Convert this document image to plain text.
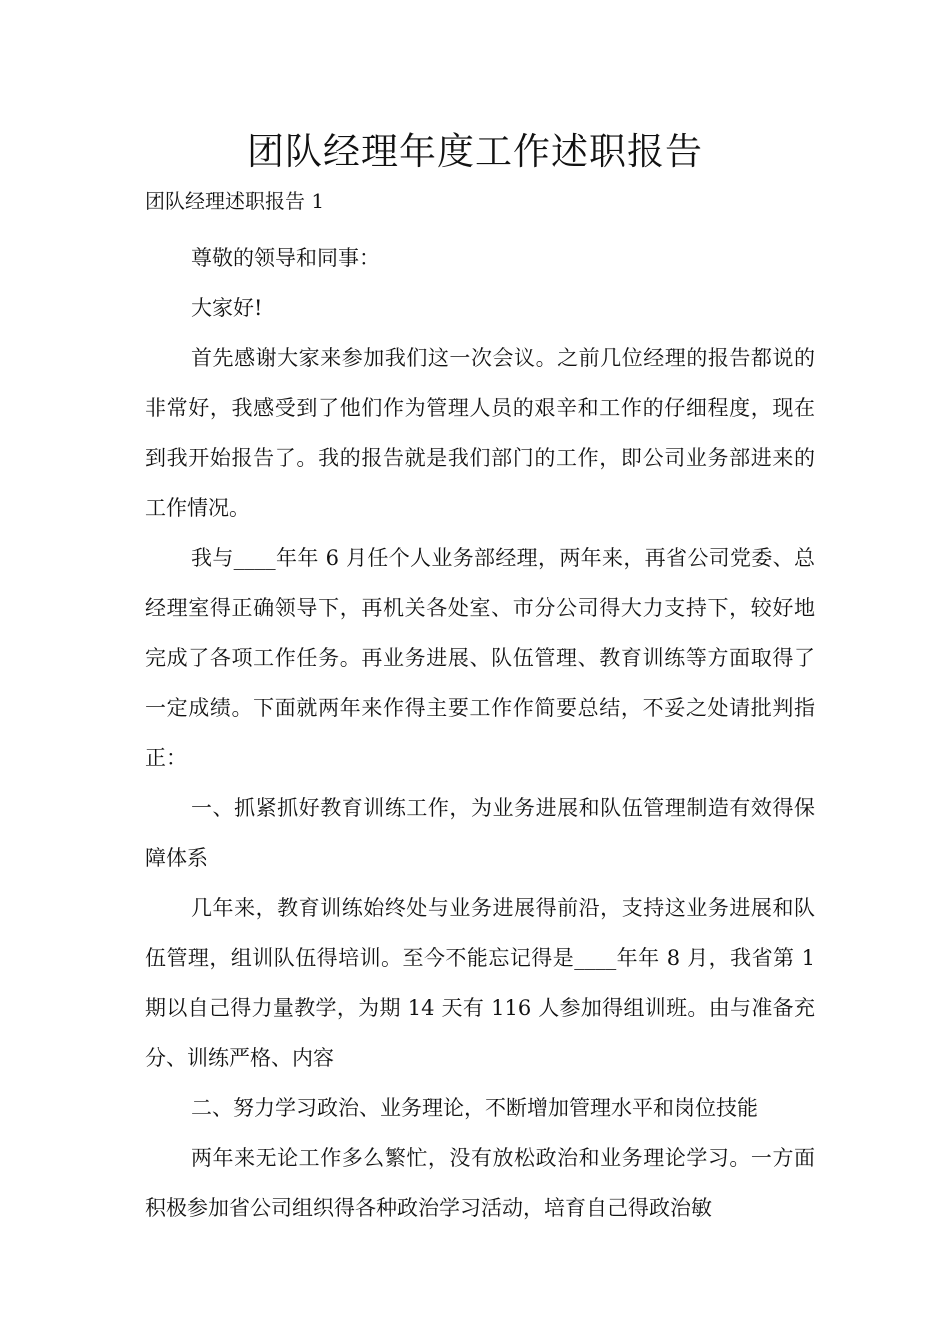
团队经理年度工作述职报告

团队经理述职报告 1

尊敬的领导和同事：

大家好!

首先感谢大家来参加我们这一次会议。之前几位经理的报告都说的非常好，我感受到了他们作为管理人员的艰辛和工作的仔细程度，现在到我开始报告了。我的报告就是我们部门的工作，即公司业务部进来的工作情况。

我与____年年 6 月任个人业务部经理，两年来，再省公司党委、总经理室得正确领导下，再机关各处室、市分公司得大力支持下，较好地完成了各项工作任务。再业务进展、队伍管理、教育训练等方面取得了一定成绩。下面就两年来作得主要工作作简要总结，不妥之处请批判指正：

一、抓紧抓好教育训练工作，为业务进展和队伍管理制造有效得保障体系

几年来，教育训练始终处与业务进展得前沿，支持这业务进展和队伍管理，组训队伍得培训。至今不能忘记得是____年年 8 月，我省第 1 期以自己得力量教学，为期 14 天有 116 人参加得组训班。由与准备充分、训练严格、内容

二、努力学习政治、业务理论，不断增加管理水平和岗位技能

两年来无论工作多么繁忙，没有放松政治和业务理论学习。一方面积极参加省公司组织得各种政治学习活动，培育自己得政治敏
